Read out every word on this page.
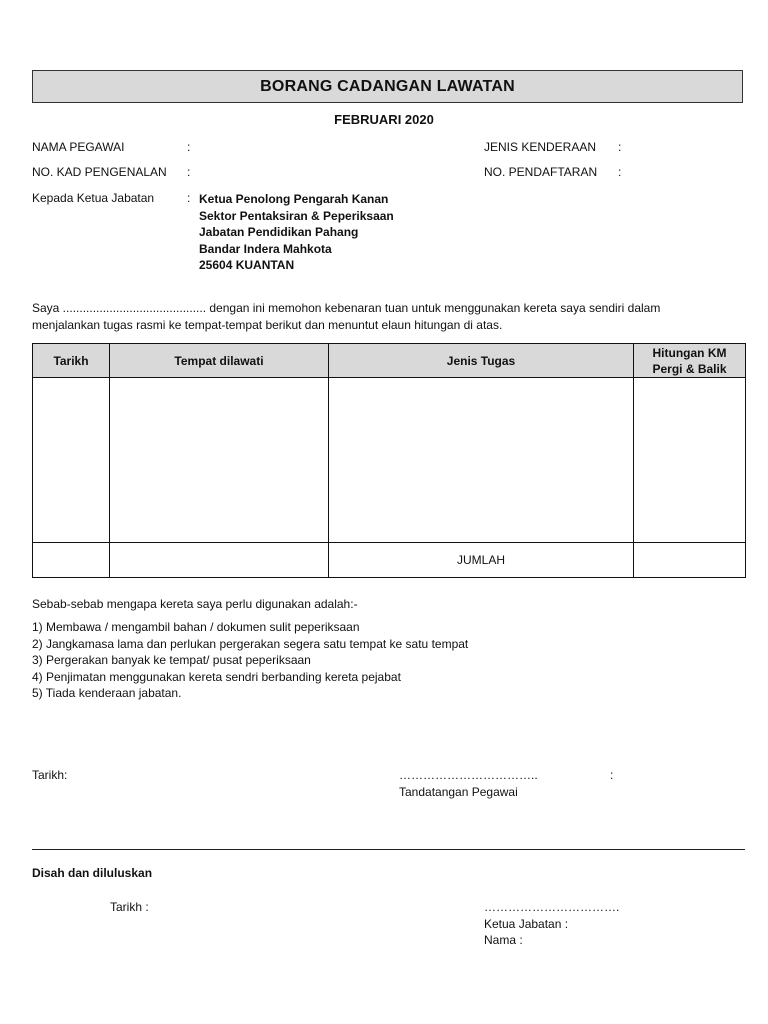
BORANG CADANGAN LAWATAN
FEBRUARI 2020
NAMA PEGAWAI	:
NO. KAD PENGENALAN :
Kepada Ketua Jabatan	:
JENIS KENDERAAN :
NO. PENDAFTARAN :
Ketua Penolong Pengarah Kanan
Sektor Pentaksiran & Peperiksaan
Jabatan Pendidikan Pahang
Bandar Indera Mahkota
25604 KUANTAN
Saya ........................................... dengan ini memohon kebenaran tuan untuk menggunakan kereta saya sendiri dalam
menjalankan tugas rasmi ke tempat-tempat berikut dan menuntut elaun hitungan di atas.
Tarikh	Tempat dilawati	Jenis Tugas	Hitungan KM
Pergi & Balik

		JUMLAH	
Sebab-sebab mengapa kereta saya perlu digunakan adalah:-
1) Membawa / mengambil bahan / dokumen sulit peperiksaan
2) Jangkamasa lama dan perlukan pergerakan segera satu tempat ke satu tempat
3) Pergerakan banyak ke tempat/ pusat peperiksaan
4) Penjimatan menggunakan kereta sendri berbanding kereta pejabat
5) Tiada kenderaan jabatan.
Tarikh:	……………………………..	:
Tandatangan Pegawai
Disah dan diluluskan
Tarikh :	…………………………….
Ketua Jabatan :
Nama :
